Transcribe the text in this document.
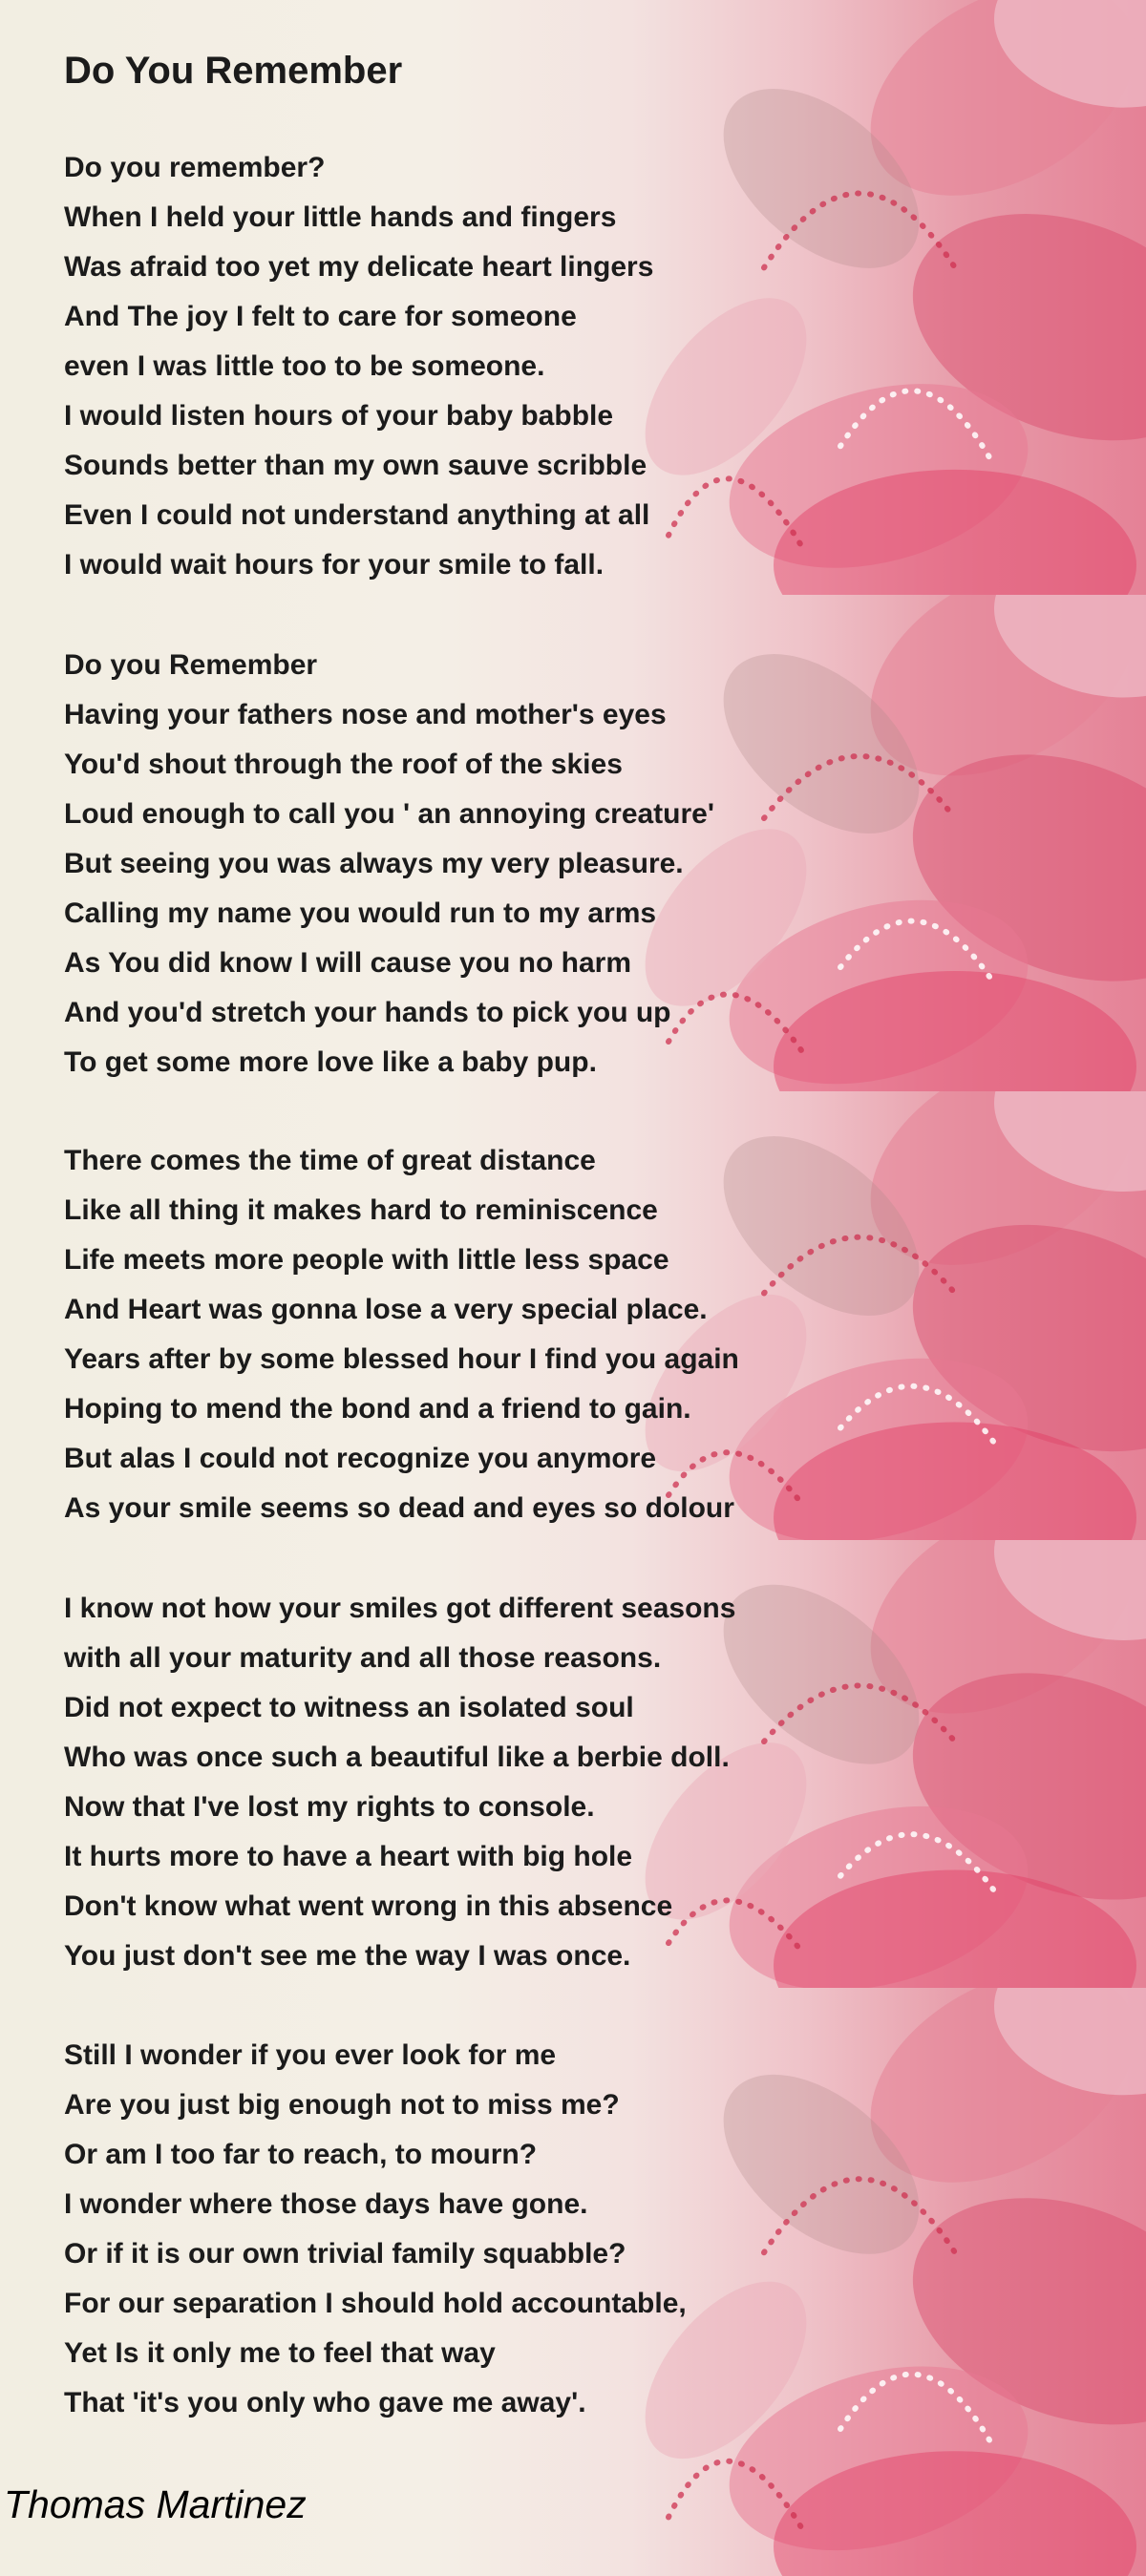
Do You Remember
Do you remember?
When I held your little hands and fingers
Was afraid too yet my delicate heart lingers
And The joy I felt to care for someone
even I was little too to be someone.
I would listen hours of your baby babble
Sounds better than my own sauve scribble
Even I could not understand anything at all
I would wait hours for your smile to fall.
Do you Remember
Having your fathers nose and mother's eyes
You'd shout through the roof of the skies
Loud enough to call you ' an annoying creature'
But seeing you was always my very pleasure.
Calling my name you would run to my arms
As You did know I will cause you no harm
And you'd stretch your hands to pick you up
To get some more love like a baby pup.
There comes the time of great distance
Like all thing it makes hard to reminiscence
Life meets more people with little less space
And Heart was gonna lose a very special place.
Years after by some blessed hour I find you again
Hoping to mend the bond and a friend to gain.
But alas I could not recognize you anymore
As your smile seems so dead and eyes so dolour
I know not how your smiles got different seasons
with all your maturity and all those reasons.
Did not expect to witness an isolated soul
Who was once such a beautiful like a berbie doll.
Now that I've lost my rights to console.
It hurts more to have a heart with big hole
Don't know what went wrong in this absence
You just don't see me the way I was once.
Still I wonder if you ever look for me
Are you just big enough not to miss me?
Or am I too far to reach, to mourn?
I wonder where those days have gone.
Or if it is our own trivial family squabble?
For our separation I should hold accountable,
Yet Is it only me to feel that way
That 'it's you only who gave me away'.
Thomas Martinez
